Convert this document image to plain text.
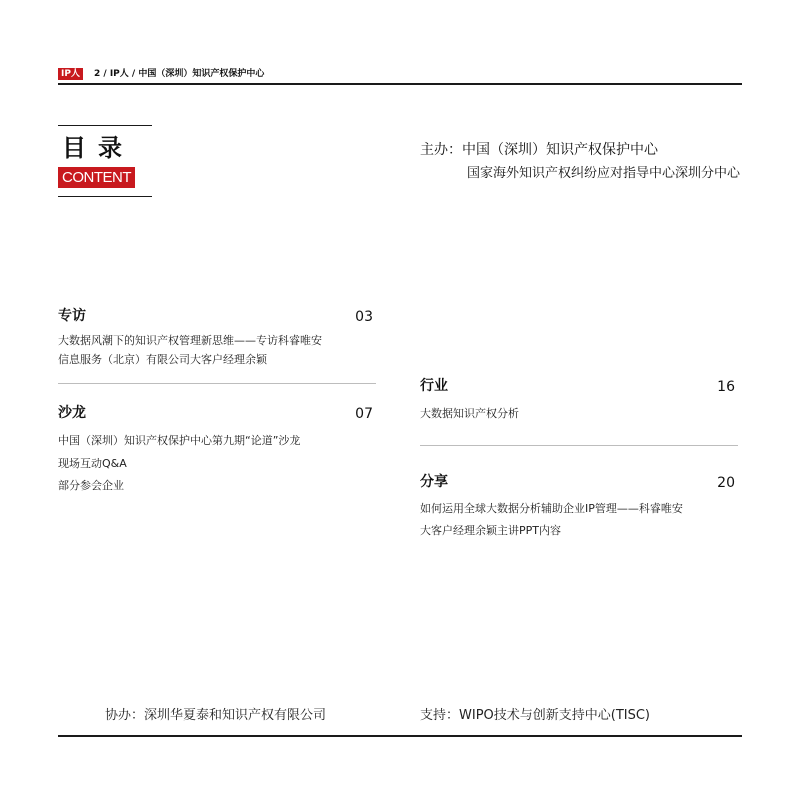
IP人	2 / IP人 / 中国（深圳）知识产权保护中心
目录
CONTENT
主办：中国（深圳）知识产权保护中心
国家海外知识产权纠纷应对指导中心深圳分中心
专访	03
大数据风潮下的知识产权管理新思维——专访科睿唯安
信息服务（北京）有限公司大客户经理余颖
沙龙	07
中国（深圳）知识产权保护中心第九期“论道”沙龙
现场互动Q&A
部分参会企业
行业	16
大数据知识产权分析
分享	20
如何运用全球大数据分析辅助企业IP管理——科睿唯安
大客户经理余颖主讲PPT内容
协办：深圳华夏泰和知识产权有限公司	支持：WIPO技术与创新支持中心(TISC)
